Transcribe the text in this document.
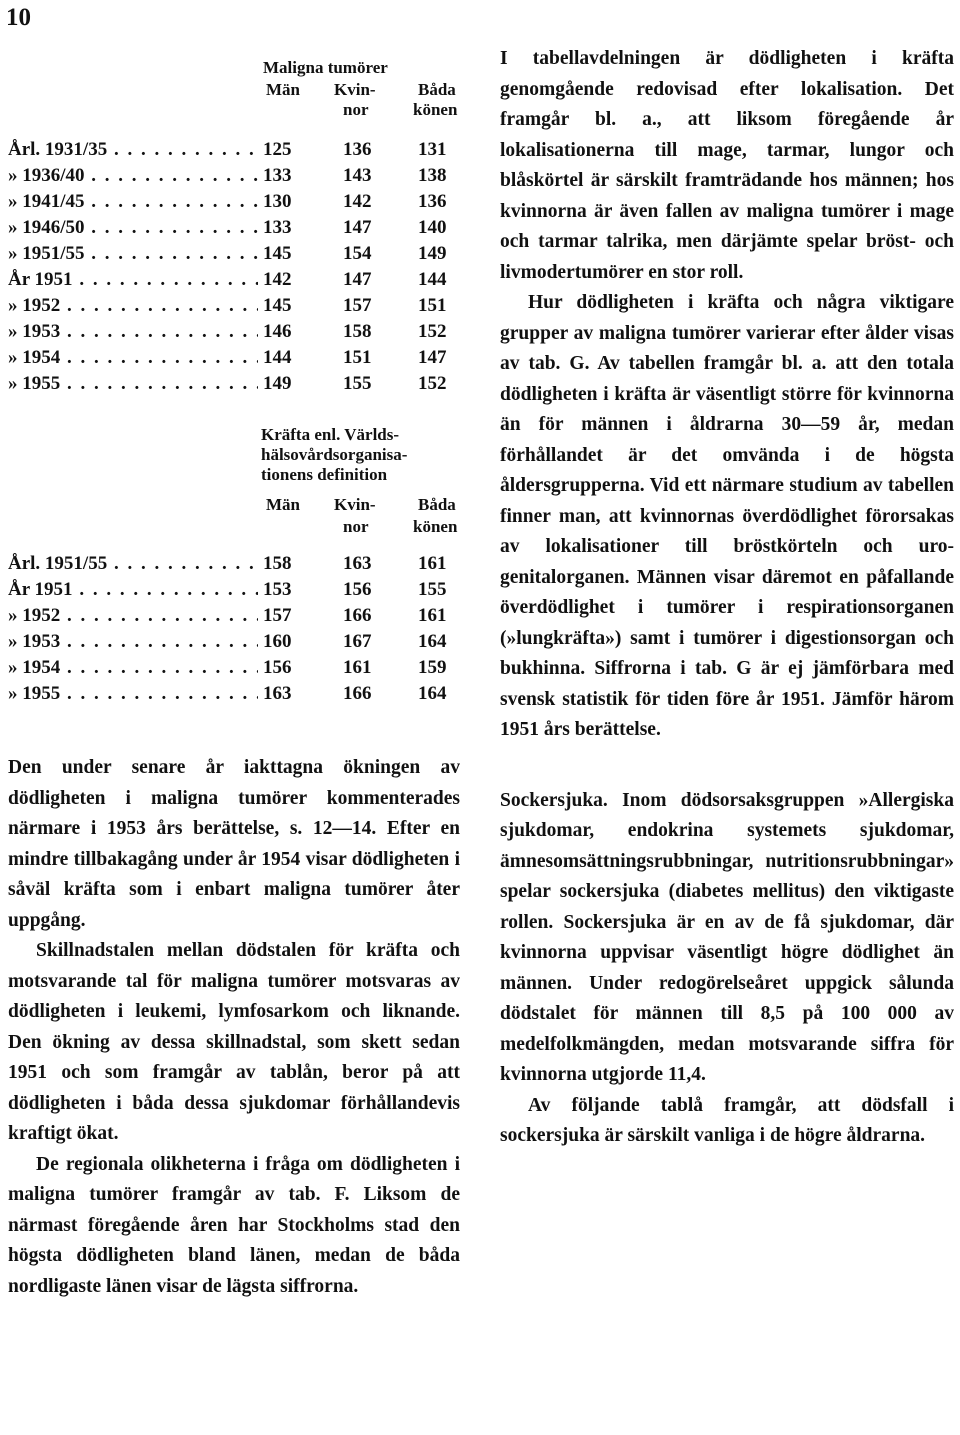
10
Maligna tumörer
Män Kvin-
nor
Båda
könen
Årl. 1931/35 . . .	125	136 131
» 1936/40 . . .	133	143 138
» 1941/45 . . .	130	142 136
» 1946/50 . . .	133	147 140
» 1951/55 . . .	145	154 149
År 1951 . . .	142	147 144
» 1952 . . .	145	157 151
» 1953 . . .	146	158 152
» 1954 . . .	144	151 147
» 1955 . . .	149	155 152
Kräfta enl. Världs-
hälsovårdsorganisa-
tionens definition
Män Kvin-
nor
Båda
könen
Årl. 1951/55 . . .	158	163 161
År 1951 . . .	153	156 155
» 1952 . . .	157	166 161
» 1953 . . .	160	167 164
» 1954 . . .	156	161 159
» 1955 . . .	163	166 164

Den under senare år iakttagna ökningen av dödligheten i maligna tumörer kommenterades närmare i 1953 års berättelse, s. 12—14. Efter en mindre tillbakagång under år 1954 visar dödligheten i såväl kräfta som i enbart maligna tumörer åter uppgång.

Skillnadstalen mellan dödstalen för kräfta och motsvarande tal för maligna tumörer motsvaras av dödligheten i leukemi, lymfosarkom och liknande. Den ökning av dessa skillnadstal, som skett sedan 1951 och som framgår av tablån, beror på att dödligheten i båda dessa sjukdomar förhållandevis kraftigt ökat.

De regionala olikheterna i fråga om dödligheten i maligna tumörer framgår av tab. F. Liksom de närmast föregående åren har Stockholms stad den högsta dödligheten bland länen, medan de båda nordligaste länen visar de lägsta siffrorna.

I tabellavdelningen är dödligheten i kräfta genomgående redovisad efter lokalisation. Det framgår bl. a., att liksom föregående år lokalisationerna till mage, tarmar, lungor och blåskörtel är särskilt framträdande hos männen; hos kvinnorna är även fallen av maligna tumörer i mage och tarmar talrika, men därjämte spelar bröst- och livmodertumörer en stor roll.

Hur dödligheten i kräfta och några viktigare grupper av maligna tumörer varierar efter ålder visas av tab. G. Av tabellen framgår bl. a. att den totala dödligheten i kräfta är väsentligt större för kvinnorna än för männen i åldrarna 30—59 år, medan förhållandet är det omvända i de högsta åldersgrupperna. Vid ett närmare studium av tabellen finner man, att kvinnornas överdödlighet förorsakas av lokalisationer till bröstkörteln och uro-genitalorganen. Männen visar däremot en påfallande överdödlighet i tumörer i respirationsorganen (»lungkräfta») samt i tumörer i digestionsorgan och bukhinna. Siffrorna i tab. G är ej jämförbara med svensk statistik för tiden före år 1951. Jämför härom 1951 års berättelse.

Sockersjuka. Inom dödsorsaksgruppen »Allergiska sjukdomar, endokrina systemets sjukdomar, ämnesomsättningsrubbningar, nutritionsrubbningar» spelar sockersjuka (diabetes mellitus) den viktigaste rollen. Sockersjuka är en av de få sjukdomar, där kvinnorna uppvisar väsentligt högre dödlighet än männen. Under redogörelseåret uppgick sålunda dödstalet för männen till 8,5 på 100 000 av medelfolkmängden, medan motsvarande siffra för kvinnorna utgjorde 11,4.

Av följande tablå framgår, att dödsfall i sockersjuka är särskilt vanliga i de högre åldrarna.
